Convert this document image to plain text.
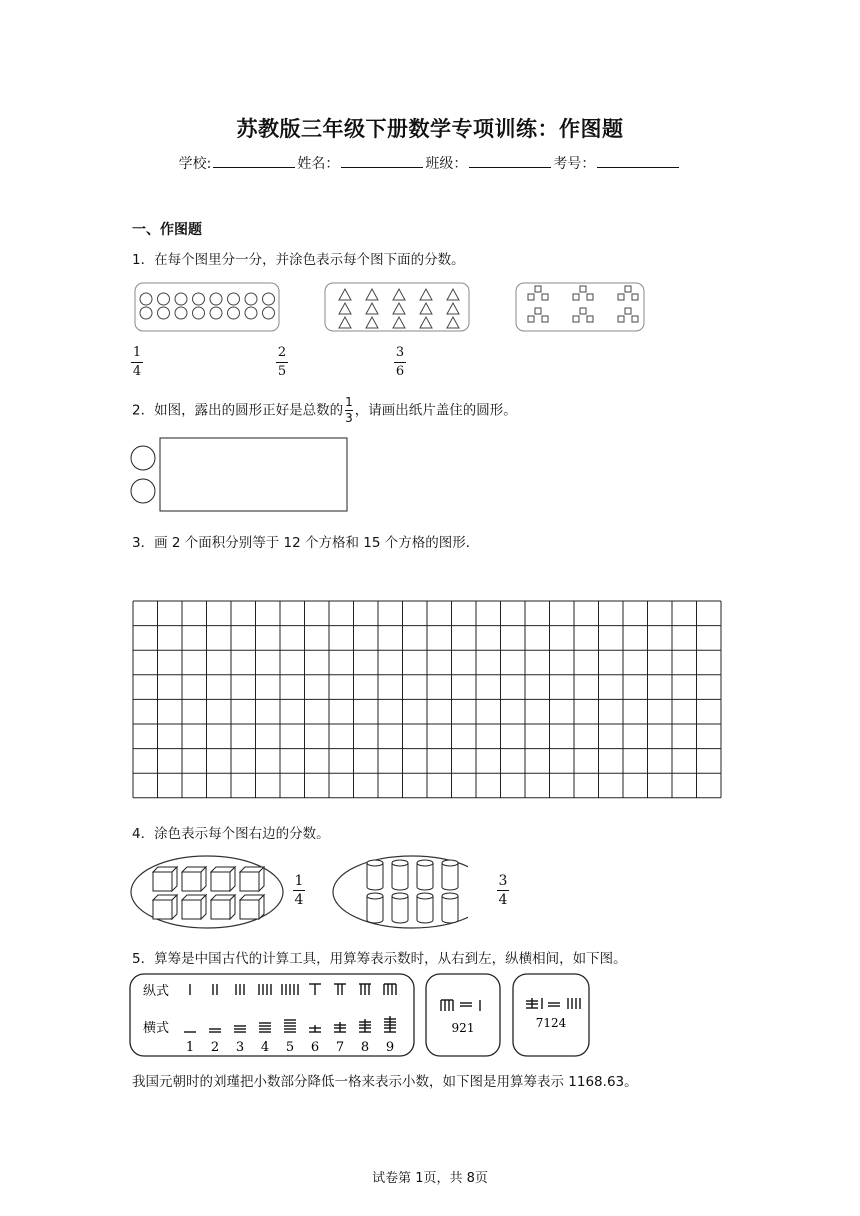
苏教版三年级下册数学专项训练：作图题
学校:	姓名：	班级：	考号：
一、作图题
1．在每个图里分一分，并涂色表示每个图下面的分数。
1
4
2
5
3
6
2．如图，露出的圆形正好是总数的 $\frac{1}{3}$ ，请画出纸片盖住的圆形。
3．画 2 个面积分别等于 12 个方格和 15 个方格的图形．
4．涂色表示每个图右边的分数。
1
4
3
4
5．算筹是中国古代的计算工具，用算筹表示数时，从右到左，纵横相间，如下图。
纵式
横式
1 2 3 4 5 6 7 8 9
921	7124
我国元朝时的刘瑾把小数部分降低一格来表示小数，如下图是用算筹表示 1168.63。
试卷第 1页，共 8页
